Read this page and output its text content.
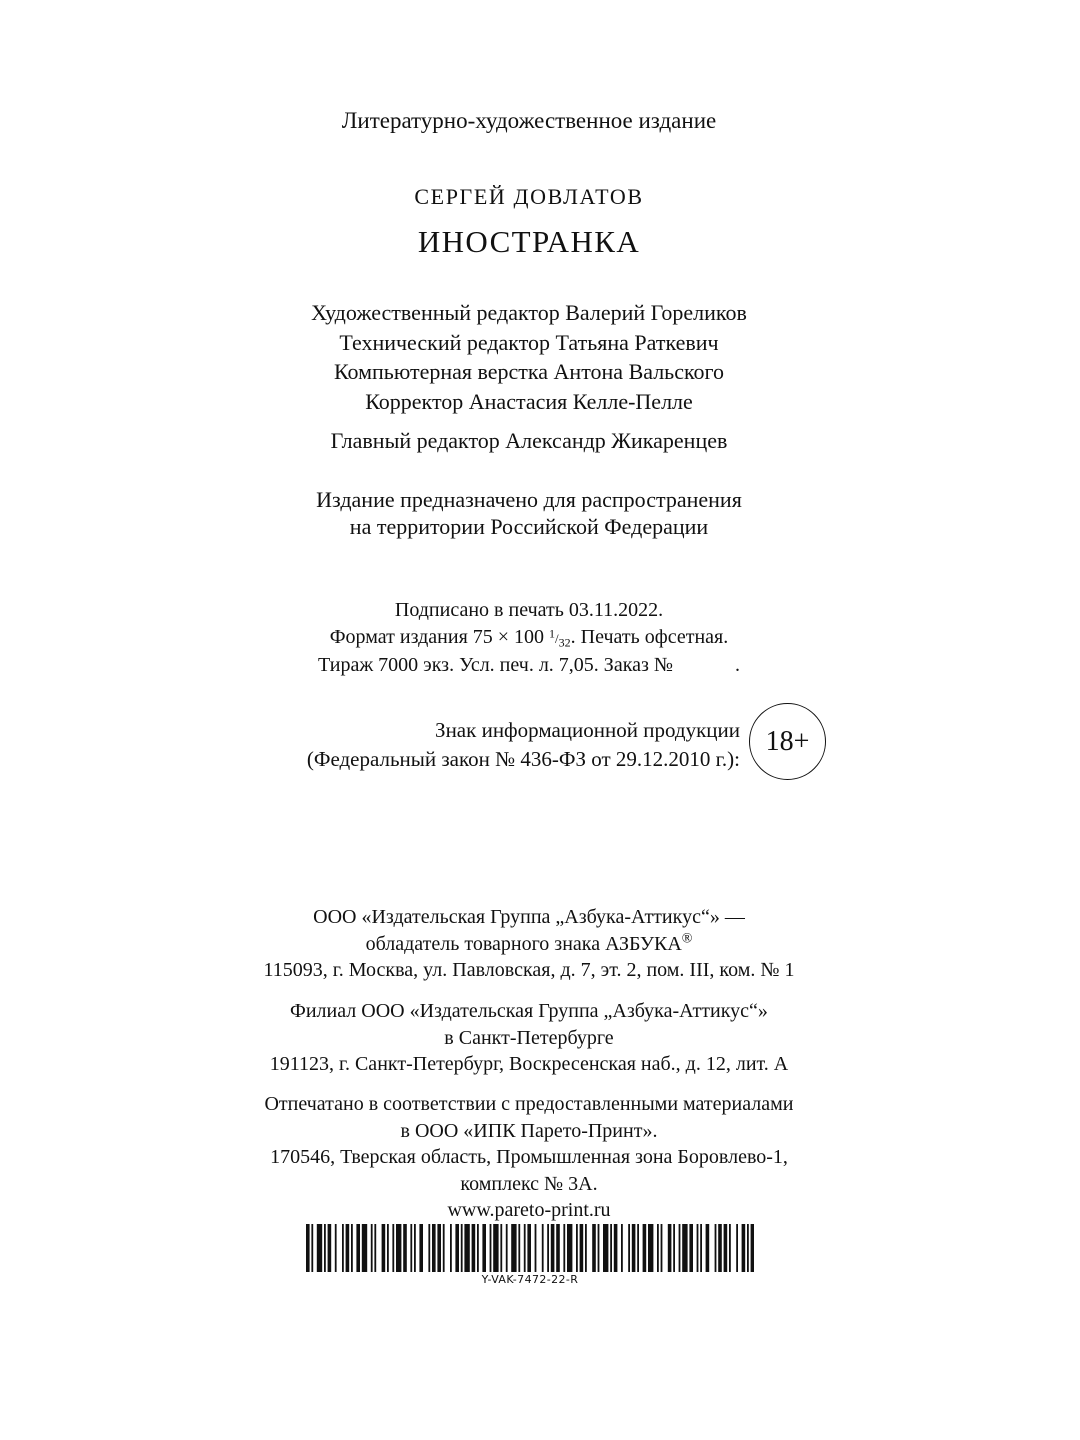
Литературно-художественное издание
СЕРГЕЙ ДОВЛАТОВ
ИНОСТРАНКА
Художественный редактор Валерий Гореликов
Технический редактор Татьяна Раткевич
Компьютерная верстка Антона Вальского
Корректор Анастасия Келле-Пелле
Главный редактор Александр Жикаренцев
Издание предназначено для распространения
на территории Российской Федерации
Подписано в печать 03.11.2022.
Формат издания 75 × 100 $^1/_{32}$. Печать офсетная.
Тираж 7000 экз. Усл. печ. л. 7,05. Заказ №	.
Знак информационной продукции
(Федеральный закон № 436-ФЗ от 29.12.2010 г.):
18+
ООО «Издательская Группа „Азбука-Аттикус“» —
обладатель товарного знака АЗБУКА®
115093, г. Москва, ул. Павловская, д. 7, эт. 2, пом. III, ком. № 1
Филиал ООО «Издательская Группа „Азбука-Аттикус“»
в Санкт-Петербурге
191123, г. Санкт-Петербург, Воскресенская наб., д. 12, лит. А
Отпечатано в соответствии с предоставленными материалами
в ООО «ИПК Парето-Принт».
170546, Тверская область, Промышленная зона Боровлево-1,
комплекс № 3А.
www.pareto-print.ru
Y-VAK-7472-22-R
